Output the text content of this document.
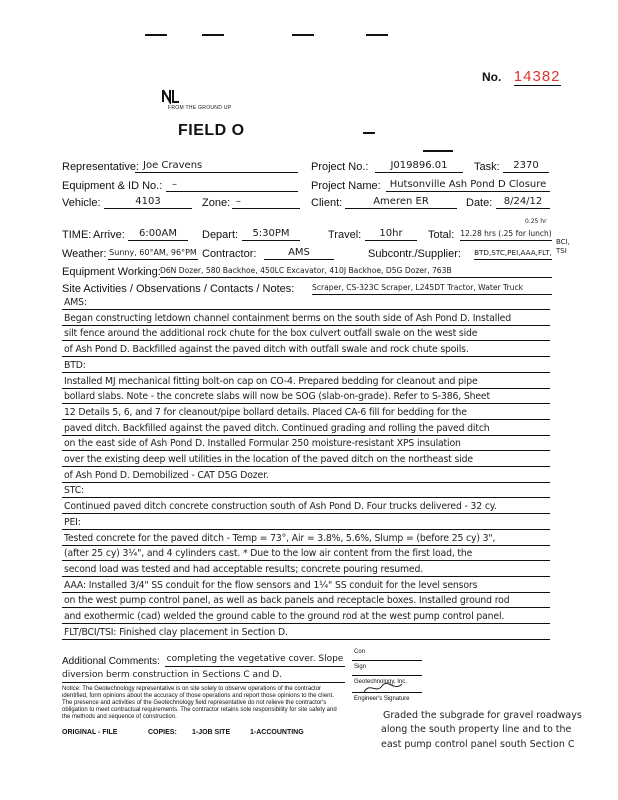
No. 14382
FROM THE GROUND UP
FIELD O
Representative: Joe Cravens	Project No.:	J019896.01	Task:	2370
Equipment & ID No.: –	Project Name: Hutsonville Ash Pond D Closure
Vehicle:	4103	Zone: –	Client:	Ameren ER	Date:	8/24/12
TIME: Arrive:	6:00AM	Depart:	5:30PM	Travel:	10hr	Total: 12.28 hrs (.25 for lunch)
0.25 hr
Weather: Sunny, 60°AM, 96°PM Contractor:	AMS	Subcontr./Supplier: BTD,STC,PEI,AAA,FLT,
BCI, TSI
Equipment Working: D6N Dozer, 580 Backhoe, 450LC Excavator, 410J Backhoe, D5G Dozer, 763B
Site Activities / Observations / Contacts / Notes: Scraper, CS-323C Scraper, L245DT Tractor, Water Truck
AMS:
Began constructing letdown channel containment berms on the south side of Ash Pond D. Installed
silt fence around the additional rock chute for the box culvert outfall swale on the west side
of Ash Pond D. Backfilled against the paved ditch with outfall swale and rock chute spoils.
BTD:
Installed MJ mechanical fitting bolt-on cap on CO-4. Prepared bedding for cleanout and pipe
bollard slabs. Note - the concrete slabs will now be SOG (slab-on-grade). Refer to S-386, Sheet
12 Details 5, 6, and 7 for cleanout/pipe bollard details. Placed CA-6 fill for bedding for the
paved ditch. Backfilled against the paved ditch. Continued grading and rolling the paved ditch
on the east side of Ash Pond D. Installed Formular 250 moisture-resistant XPS insulation
over the existing deep well utilities in the location of the paved ditch on the northeast side
of Ash Pond D. Demobilized - CAT D5G Dozer.
STC:
Continued paved ditch concrete construction south of Ash Pond D. Four trucks delivered - 32 cy.
PEI:
Tested concrete for the paved ditch - Temp = 73°, Air = 3.8%, 5.6%, Slump = (before 25 cy) 3",
(after 25 cy) 3¼", and 4 cylinders cast. * Due to the low air content from the first load, the
second load was tested and had acceptable results; concrete pouring resumed.
AAA: Installed 3/4" SS conduit for the flow sensors and 1¼" SS conduit for the level sensors
on the west pump control panel, as well as back panels and receptacle boxes. Installed ground rod
and exothermic (cad) welded the ground cable to the ground rod at the west pump control panel.
FLT/BCI/TSI: Finished clay placement in Section D.
Additional Comments: completing the vegetative cover. Slope
diversion berm construction in Sections C and D.
Con
Sign
Geotechnology, Inc.
Engineer's Signature
Notice: The Geotechnology representative is on site solely to observe operations of the contractor identified, form opinions about the accuracy of those operations and report those opinions to the client. The presence and activities of the Geotechnology field representative do not relieve the contractor's obligation to meet contractual requirements. The contractor retains sole responsibility for site safety and the methods and sequence of construction.
ORIGINAL - FILE	COPIES: 1-JOB SITE	1-ACCOUNTING
Graded the subgrade for gravel roadways
along the south property line and to the
east pump control panel south Section C
